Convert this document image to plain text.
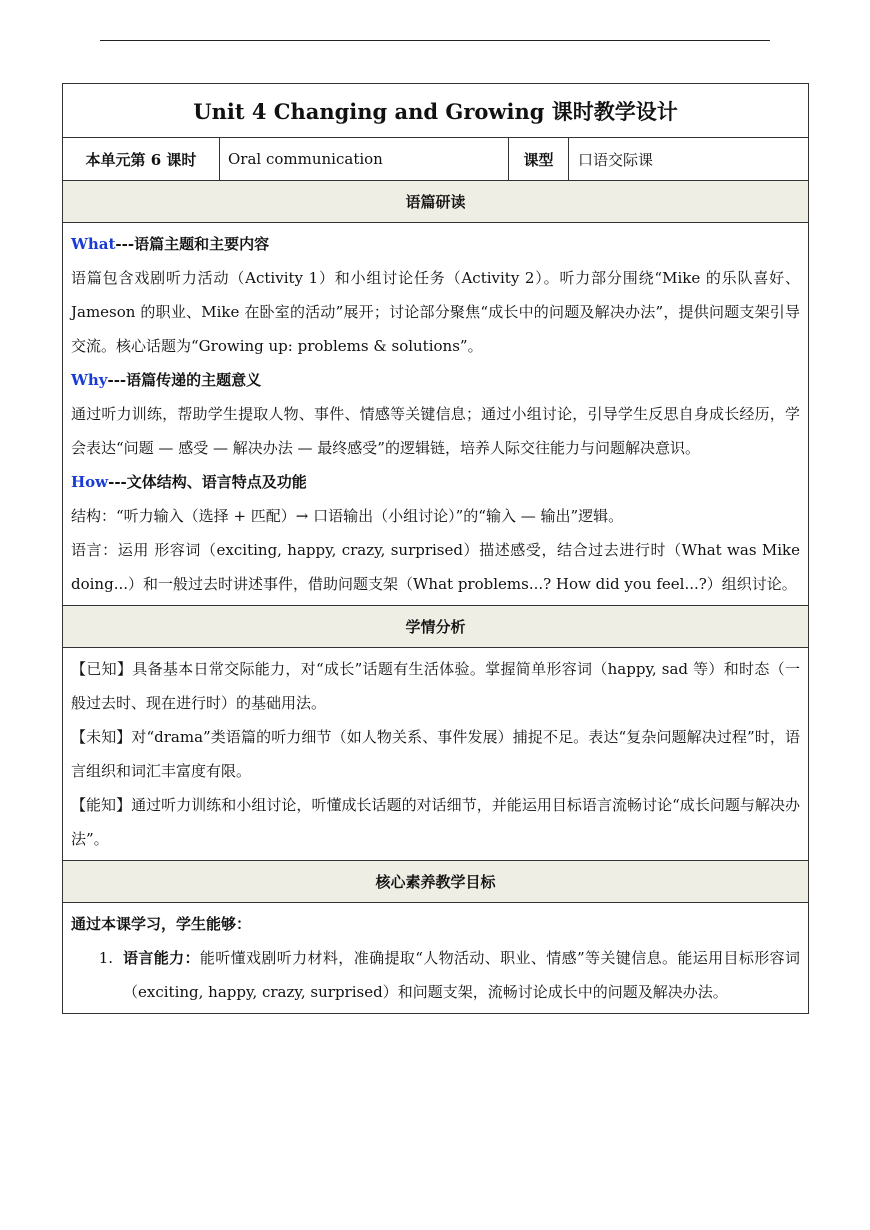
Unit 4 Changing and Growing 课时教学设计
本单元第 6 课时	Oral communication	课型	口语交际课
语篇研读

What---语篇主题和主要内容

语篇包含戏剧听力活动（Activity 1）和小组讨论任务（Activity 2）。听力部分围绕“Mike 的乐队喜好、Jameson 的职业、Mike 在卧室的活动”展开；讨论部分聚焦“成长中的问题及解决办法”，提供问题支架引导交流。核心话题为“Growing up: problems & solutions”。

Why---语篇传递的主题意义

通过听力训练，帮助学生提取人物、事件、情感等关键信息；通过小组讨论，引导学生反思自身成长经历，学会表达“问题 — 感受 — 解决办法 — 最终感受”的逻辑链，培养人际交往能力与问题解决意识。

How---文体结构、语言特点及功能

结构：“听力输入（选择 + 匹配）→ 口语输出（小组讨论）”的“输入 — 输出”逻辑。

语言：运用 形容词（exciting, happy, crazy, surprised）描述感受，结合过去进行时（What was Mike doing...）和一般过去时讲述事件，借助问题支架（What problems...? How did you feel...?）组织讨论。

学情分析

【已知】具备基本日常交际能力，对“成长”话题有生活体验。掌握简单形容词（happy, sad 等）和时态（一般过去时、现在进行时）的基础用法。

【未知】对“drama”类语篇的听力细节（如人物关系、事件发展）捕捉不足。表达“复杂问题解决过程”时，语言组织和词汇丰富度有限。

【能知】通过听力训练和小组讨论，听懂成长话题的对话细节，并能运用目标语言流畅讨论“成长问题与解决办法”。

核心素养教学目标

通过本课学习，学生能够：

1. 语言能力：能听懂戏剧听力材料，准确提取“人物活动、职业、情感”等关键信息。能运用目标形容词（exciting, happy, crazy, surprised）和问题支架，流畅讨论成长中的问题及解决办法。
